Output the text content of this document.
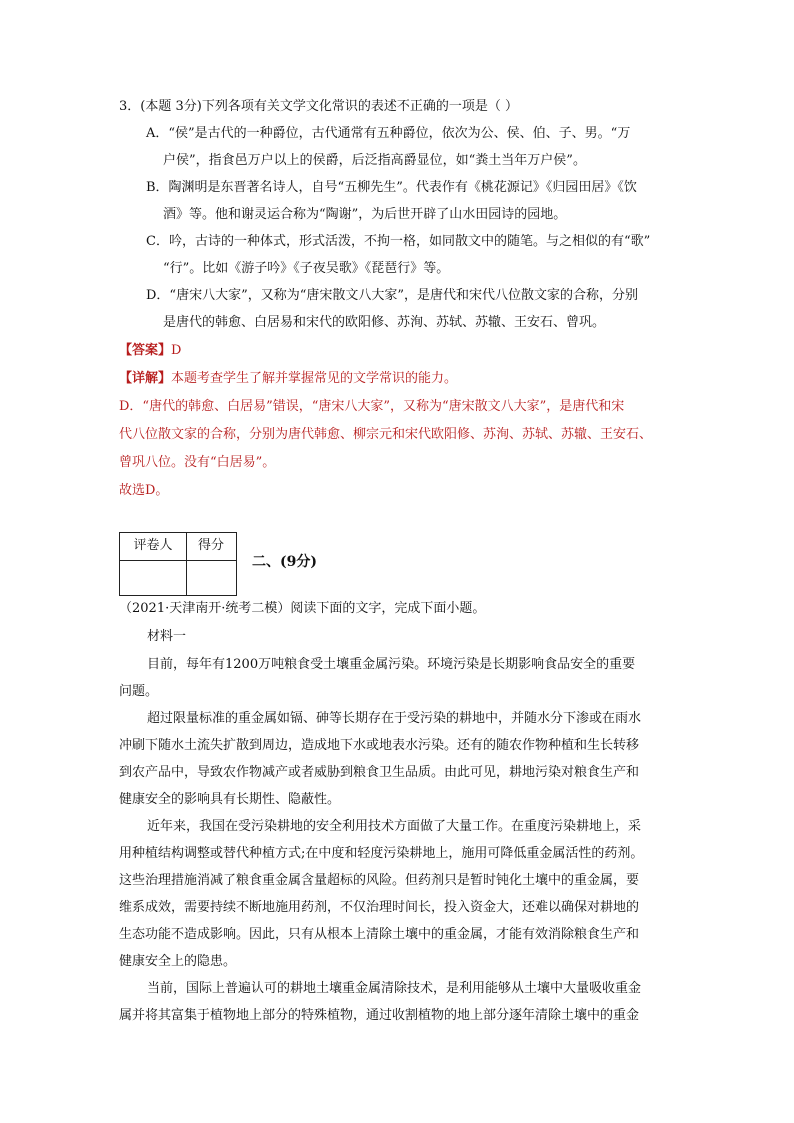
3．(本题 3分)下列各项有关文学文化常识的表述不正确的一项是（ ）
A．“侯”是古代的一种爵位，古代通常有五种爵位，依次为公、侯、伯、子、男。“万
户侯”，指食邑万户以上的侯爵，后泛指高爵显位，如“粪土当年万户侯”。
B．陶渊明是东晋著名诗人，自号“五柳先生”。代表作有《桃花源记》《归园田居》《饮
酒》等。他和谢灵运合称为“陶谢”，为后世开辟了山水田园诗的园地。
C．吟，古诗的一种体式，形式活泼，不拘一格，如同散文中的随笔。与之相似的有“歌”
“行”。比如《游子吟》《子夜吴歌》《琵琶行》等。
D．“唐宋八大家”，又称为“唐宋散文八大家”，是唐代和宋代八位散文家的合称，分别
是唐代的韩愈、白居易和宋代的欧阳修、苏洵、苏轼、苏辙、王安石、曾巩。
【答案】D
【详解】本题考查学生了解并掌握常见的文学常识的能力。
D．“唐代的韩愈、白居易”错误，“唐宋八大家”，又称为“唐宋散文八大家”，是唐代和宋
代八位散文家的合称，分别为唐代韩愈、柳宗元和宋代欧阳修、苏洵、苏轼、苏辙、王安石、
曾巩八位。没有“白居易”。
故选D。
评卷人	得分
二、(9分)
（2021·天津南开·统考二模）阅读下面的文字，完成下面小题。
材料一
目前，每年有1200万吨粮食受土壤重金属污染。环境污染是长期影响食品安全的重要
问题。
超过限量标准的重金属如镉、砷等长期存在于受污染的耕地中，并随水分下渗或在雨水
冲刷下随水土流失扩散到周边，造成地下水或地表水污染。还有的随农作物种植和生长转移
到农产品中，导致农作物减产或者威胁到粮食卫生品质。由此可见，耕地污染对粮食生产和
健康安全的影响具有长期性、隐蔽性。
近年来，我国在受污染耕地的安全利用技术方面做了大量工作。在重度污染耕地上，采
用种植结构调整或替代种植方式;在中度和轻度污染耕地上，施用可降低重金属活性的药剂。
这些治理措施消减了粮食重金属含量超标的风险。但药剂只是暂时钝化土壤中的重金属，要
维系成效，需要持续不断地施用药剂，不仅治理时间长，投入资金大，还难以确保对耕地的
生态功能不造成影响。因此，只有从根本上清除土壤中的重金属，才能有效消除粮食生产和
健康安全上的隐患。
当前，国际上普遍认可的耕地土壤重金属清除技术，是利用能够从土壤中大量吸收重金
属并将其富集于植物地上部分的特殊植物，通过收割植物的地上部分逐年清除土壤中的重金
